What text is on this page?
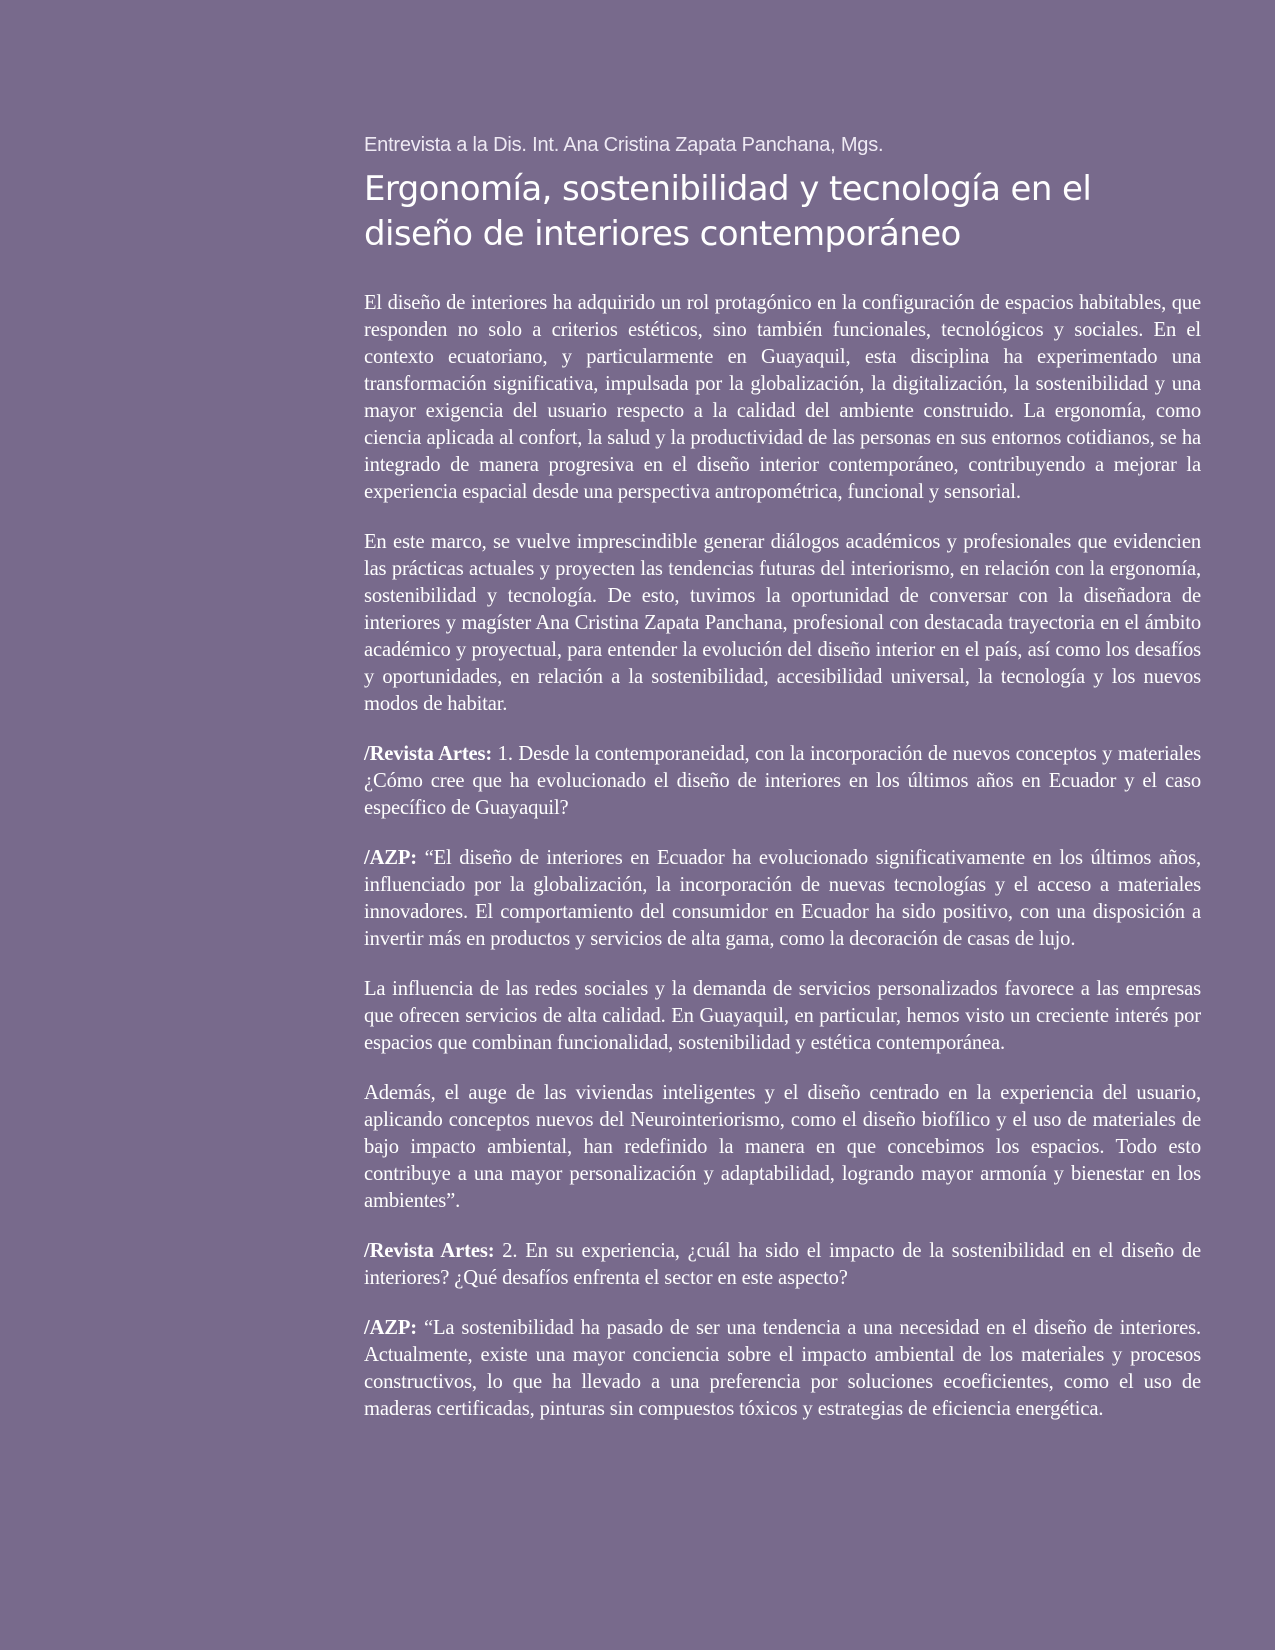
Entrevista a la Dis. Int. Ana Cristina Zapata Panchana, Mgs.
Ergonomía, sostenibilidad y tecnología en el diseño de interiores contemporáneo

El diseño de interiores ha adquirido un rol protagónico en la configuración de espacios habitables, que responden no solo a criterios estéticos, sino también funcionales, tecnológicos y sociales. En el contexto ecuatoriano, y particularmente en Guayaquil, esta disciplina ha experimentado una transformación significativa, impulsada por la globalización, la digitalización, la sostenibilidad y una mayor exigencia del usuario respecto a la calidad del ambiente construido. La ergonomía, como ciencia aplicada al confort, la salud y la productividad de las personas en sus entornos cotidianos, se ha integrado de manera progresiva en el diseño interior contemporáneo, contribuyendo a mejorar la experiencia espacial desde una perspectiva antropométrica, funcional y sensorial.

En este marco, se vuelve imprescindible generar diálogos académicos y profesionales que evidencien las prácticas actuales y proyecten las tendencias futuras del interiorismo, en relación con la ergonomía, sostenibilidad y tecnología. De esto, tuvimos la oportunidad de conversar con la diseñadora de interiores y magíster Ana Cristina Zapata Panchana, profesional con destacada trayectoria en el ámbito académico y proyectual, para entender la evolución del diseño interior en el país, así como los desafíos y oportunidades, en relación a la sostenibilidad, accesibilidad universal, la tecnología y los nuevos modos de habitar.

/Revista Artes: 1. Desde la contemporaneidad, con la incorporación de nuevos conceptos y materiales ¿Cómo cree que ha evolucionado el diseño de interiores en los últimos años en Ecuador y el caso específico de Guayaquil?

/AZP: “El diseño de interiores en Ecuador ha evolucionado significativamente en los últimos años, influenciado por la globalización, la incorporación de nuevas tecnologías y el acceso a materiales innovadores. El comportamiento del consumidor en Ecuador ha sido positivo, con una disposición a invertir más en productos y servicios de alta gama, como la decoración de casas de lujo.

La influencia de las redes sociales y la demanda de servicios personalizados favorece a las empresas que ofrecen servicios de alta calidad. En Guayaquil, en particular, hemos visto un creciente interés por espacios que combinan funcionalidad, sostenibilidad y estética contemporánea.

Además, el auge de las viviendas inteligentes y el diseño centrado en la experiencia del usuario, aplicando conceptos nuevos del Neurointeriorismo, como el diseño biofílico y el uso de materiales de bajo impacto ambiental, han redefinido la manera en que concebimos los espacios. Todo esto contribuye a una mayor personalización y adaptabilidad, logrando mayor armonía y bienestar en los ambientes”.

/Revista Artes: 2. En su experiencia, ¿cuál ha sido el impacto de la sostenibilidad en el diseño de interiores? ¿Qué desafíos enfrenta el sector en este aspecto?

/AZP: “La sostenibilidad ha pasado de ser una tendencia a una necesidad en el diseño de interiores. Actualmente, existe una mayor conciencia sobre el impacto ambiental de los materiales y procesos constructivos, lo que ha llevado a una preferencia por soluciones ecoeficientes, como el uso de maderas certificadas, pinturas sin compuestos tóxicos y estrategias de eficiencia energética.
